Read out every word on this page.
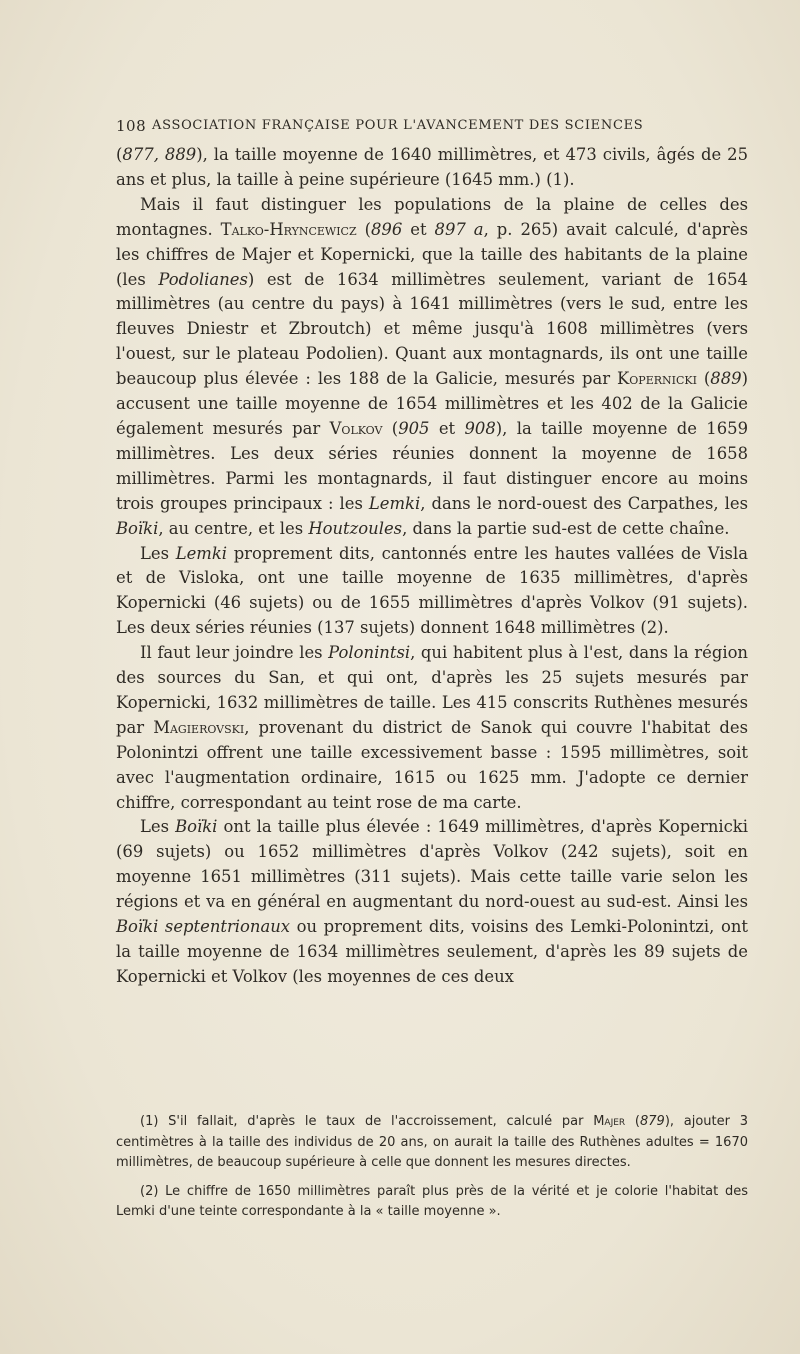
108 ASSOCIATION FRANÇAISE POUR L'AVANCEMENT DES SCIENCES

(877, 889), la taille moyenne de 1640 millimètres, et 473 civils, âgés de 25 ans et plus, la taille à peine supérieure (1645 mm.) (1).

Mais il faut distinguer les populations de la plaine de celles des montagnes. Talko-Hryncewicz (896 et 897 a, p. 265) avait calculé, d'après les chiffres de Majer et Kopernicki, que la taille des habitants de la plaine (les Podolianes) est de 1634 millimètres seulement, variant de 1654 millimètres (au centre du pays) à 1641 millimètres (vers le sud, entre les fleuves Dniestr et Zbroutch) et même jusqu'à 1608 millimètres (vers l'ouest, sur le plateau Podolien). Quant aux montagnards, ils ont une taille beaucoup plus élevée : les 188 de la Galicie, mesurés par Kopernicki (889) accusent une taille moyenne de 1654 millimètres et les 402 de la Galicie également mesurés par Volkov (905 et 908), la taille moyenne de 1659 millimètres. Les deux séries réunies donnent la moyenne de 1658 millimètres. Parmi les montagnards, il faut distinguer encore au moins trois groupes principaux : les Lemki, dans le nord-ouest des Carpathes, les Boïki, au centre, et les Houtzoules, dans la partie sud-est de cette chaîne.

Les Lemki proprement dits, cantonnés entre les hautes vallées de Visla et de Visloka, ont une taille moyenne de 1635 millimètres, d'après Kopernicki (46 sujets) ou de 1655 millimètres d'après Volkov (91 sujets). Les deux séries réunies (137 sujets) donnent 1648 millimètres (2).

Il faut leur joindre les Polonintsi, qui habitent plus à l'est, dans la région des sources du San, et qui ont, d'après les 25 sujets mesurés par Kopernicki, 1632 millimètres de taille. Les 415 conscrits Ruthènes mesurés par Magierovski, provenant du district de Sanok qui couvre l'habitat des Polonintzi offrent une taille excessivement basse : 1595 millimètres, soit avec l'augmentation ordinaire, 1615 ou 1625 mm. J'adopte ce dernier chiffre, correspondant au teint rose de ma carte.

Les Boïki ont la taille plus élevée : 1649 millimètres, d'après Kopernicki (69 sujets) ou 1652 millimètres d'après Volkov (242 sujets), soit en moyenne 1651 millimètres (311 sujets). Mais cette taille varie selon les régions et va en général en augmentant du nord-ouest au sud-est. Ainsi les Boïki septentrionaux ou proprement dits, voisins des Lemki-Polonintzi, ont la taille moyenne de 1634 millimètres seulement, d'après les 89 sujets de Kopernicki et Volkov (les moyennes de ces deux

(1) S'il fallait, d'après le taux de l'accroissement, calculé par Majer (879), ajouter 3 centimètres à la taille des individus de 20 ans, on aurait la taille des Ruthènes adultes = 1670 millimètres, de beaucoup supérieure à celle que donnent les mesures directes.

(2) Le chiffre de 1650 millimètres paraît plus près de la vérité et je colorie l'habitat des Lemki d'une teinte correspondante à la « taille moyenne ».
